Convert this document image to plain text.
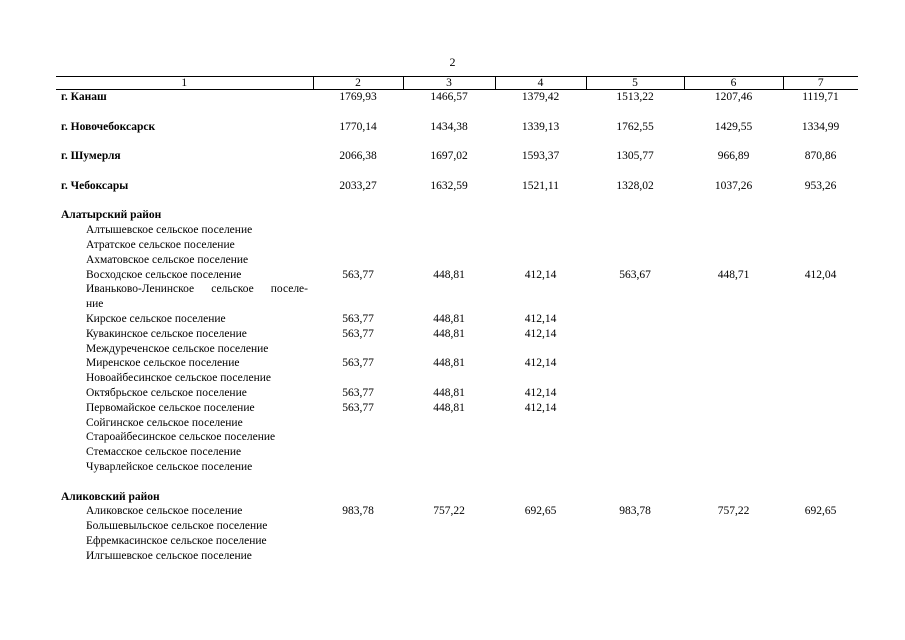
2
1	2	3	4	5	6	7
г. Канаш	1769,93	1466,57	1379,42	1513,22	1207,46	1119,71
г. Новочебоксарск	1770,14	1434,38	1339,13	1762,55	1429,55	1334,99
г. Шумерля	2066,38	1697,02	1593,37	1305,77	966,89	870,86
г. Чебоксары	2033,27	1632,59	1521,11	1328,02	1037,26	953,26
Алатырский район						
Алтышевское сельское поселение						
Атратское сельское поселение						
Ахматовское сельское поселение						
Восходское сельское поселение	563,77	448,81	412,14	563,67	448,71	412,04
Иваньково-Ленинское сельское поселе-						
ние						
Кирское сельское поселение	563,77	448,81	412,14			
Кувакинское сельское поселение	563,77	448,81	412,14			
Междуреченское сельское поселение						
Миренское сельское поселение	563,77	448,81	412,14			
Новоайбесинское сельское поселение						
Октябрьское сельское поселение	563,77	448,81	412,14			
Первомайское сельское поселение	563,77	448,81	412,14			
Сойгинское сельское поселение						
Староайбесинское сельское поселение						
Стемасское сельское поселение						
Чуварлейское сельское поселение						

Аликовский район						
Аликовское сельское поселение	983,78	757,22	692,65	983,78	757,22	692,65
Большевыльское сельское поселение						
Ефремкасинское сельское поселение						
Илгышевское сельское поселение						
